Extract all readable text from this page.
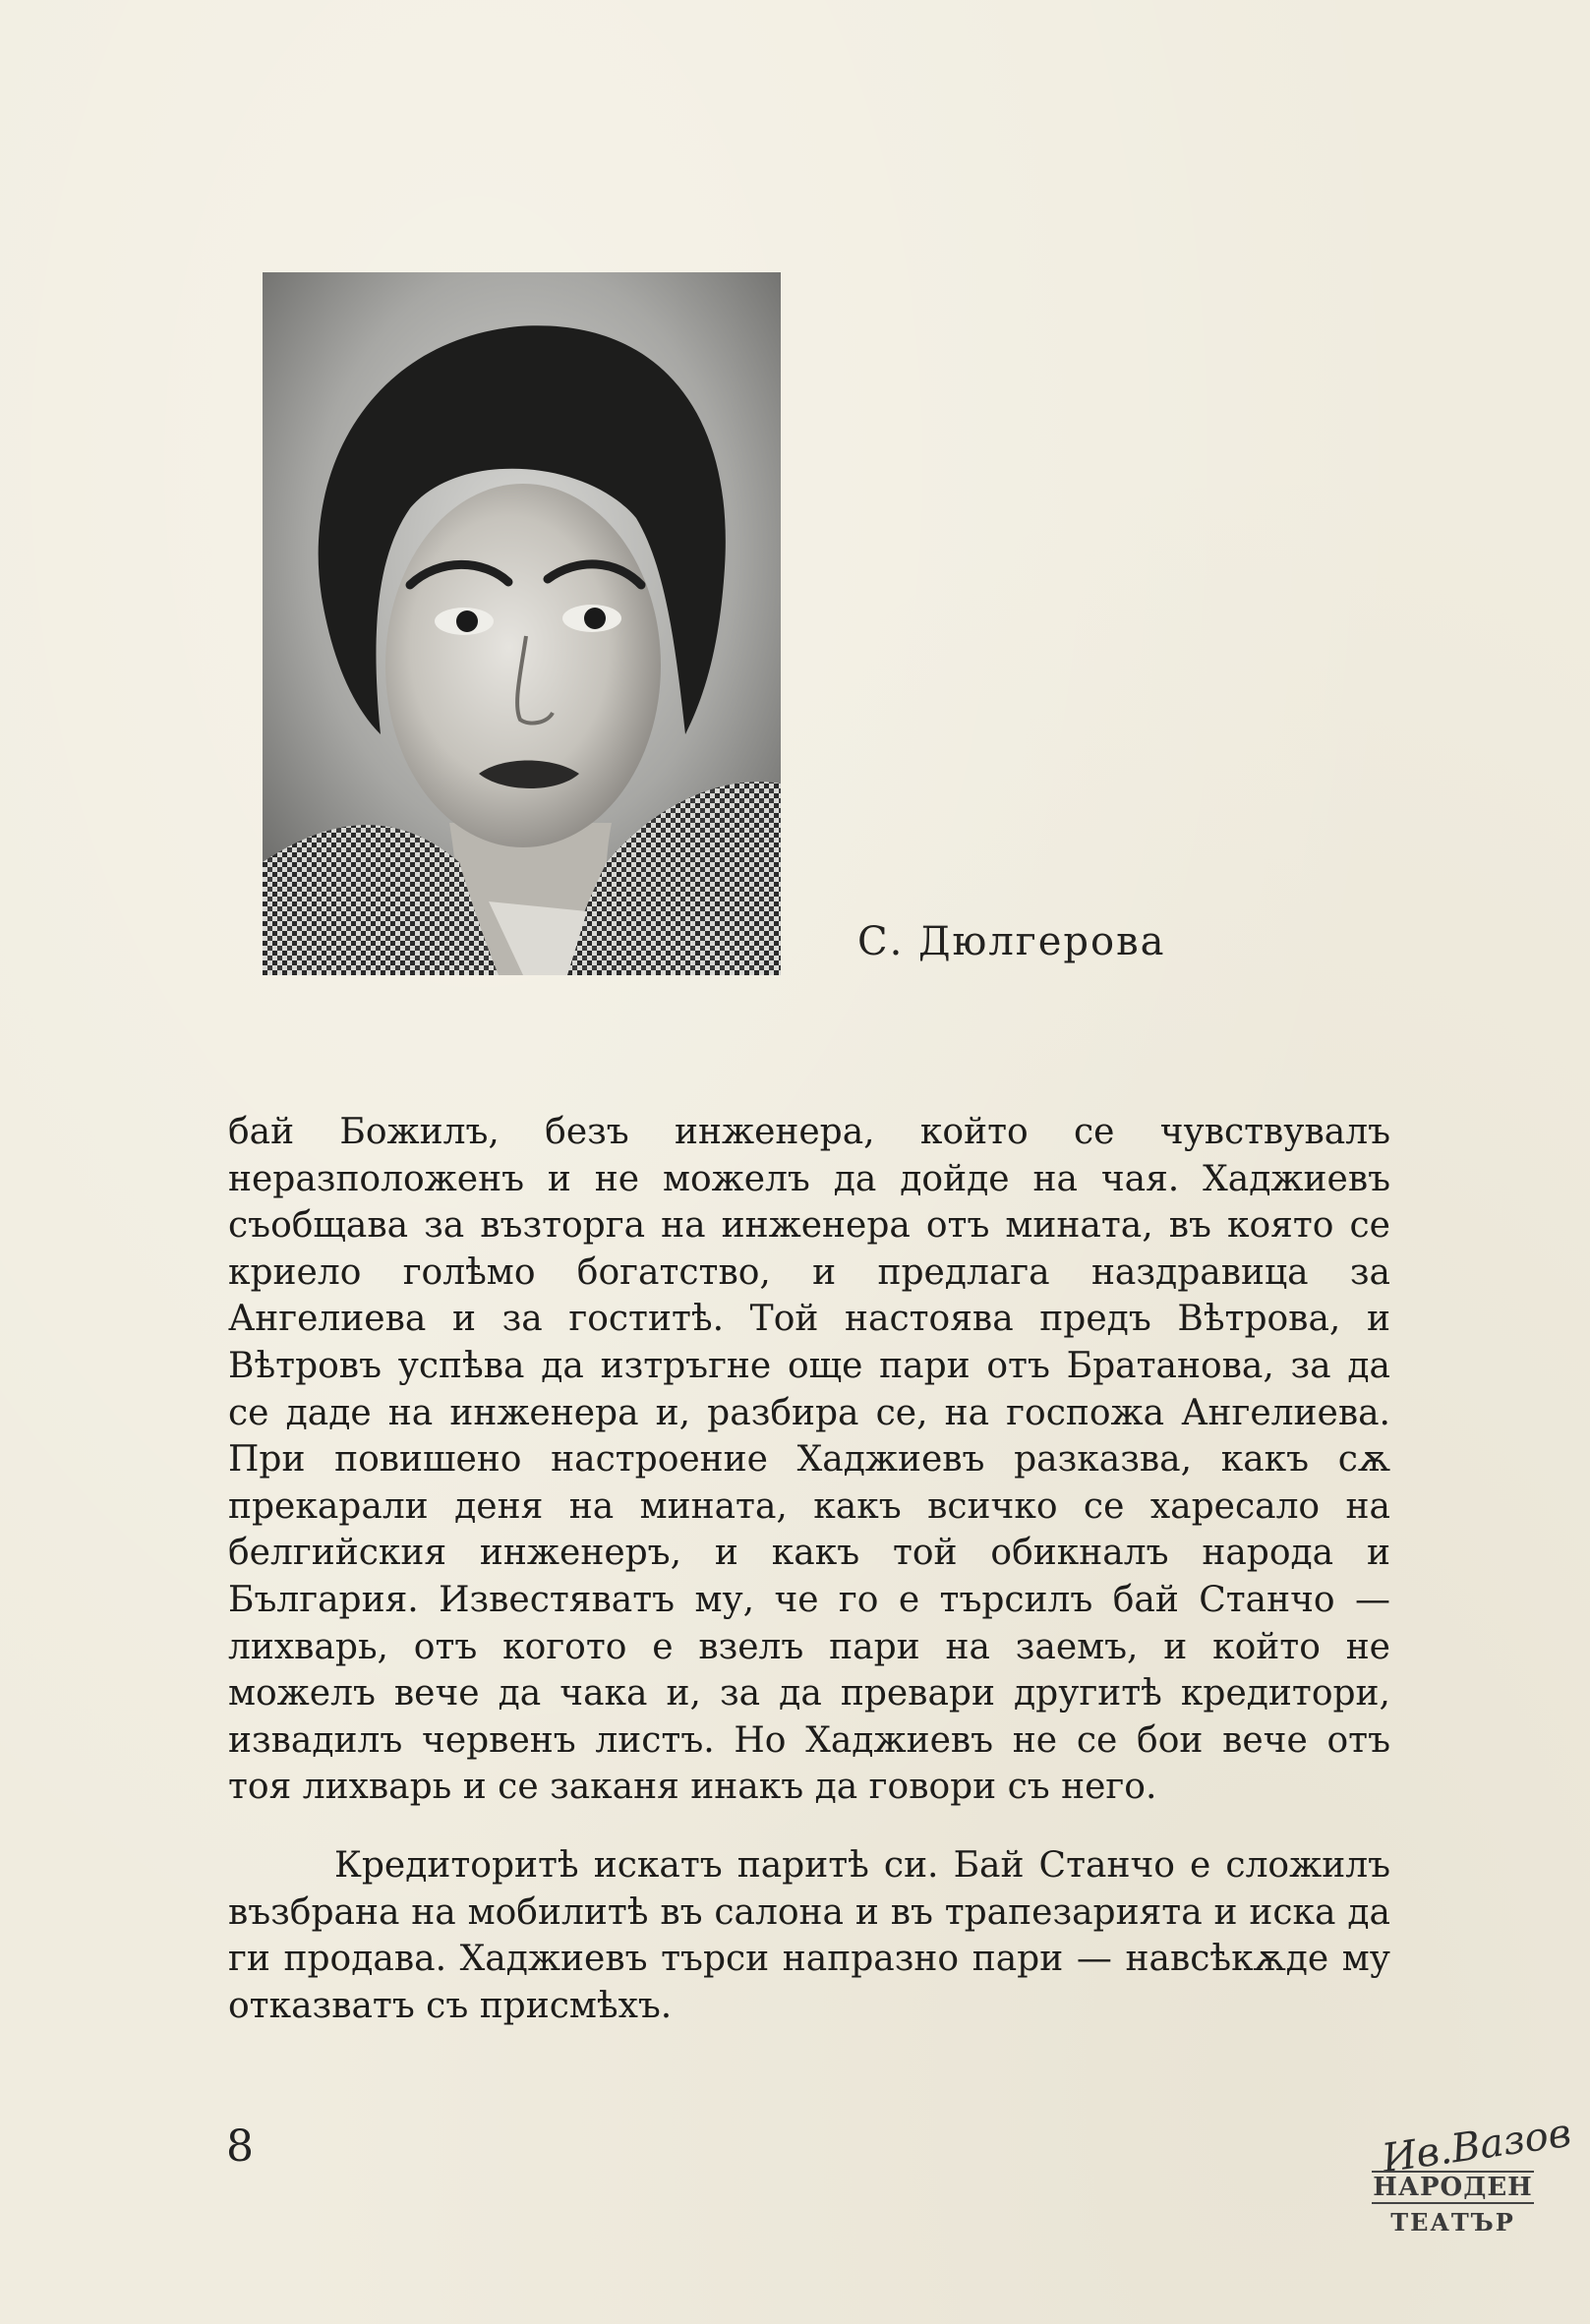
С. Дюлгерова

бай Божилъ, безъ инженера, който се чувствувалъ неразположенъ и не можелъ да дойде на чая. Хаджиевъ съобщава за възторга на инженера отъ мината, въ която се криело голѣмо богатство, и предлага наздравица за Ангелиева и за гоститѣ. Той настоява предъ Вѣтрова, и Вѣтровъ успѣва да изтръгне още пари отъ Братанова, за да се даде на инженера и, разбира се, на госпожа Ангелиева. При повишено настроение Хаджиевъ разказва, какъ сѫ прекарали деня на мината, какъ всичко се харесало на белгийския инженеръ, и какъ той обикналъ народа и България. Известяватъ му, че го е търсилъ бай Станчо — лихварь, отъ когото е взелъ пари на заемъ, и който не можелъ вече да чака и, за да превари другитѣ кредитори, извадилъ червенъ листъ. Но Хаджиевъ не се бои вече отъ тоя лихварь и се заканя инакъ да говори съ него.

Кредиторитѣ искатъ паритѣ си. Бай Станчо е сложилъ възбрана на мобилитѣ въ салона и въ трапезарията и иска да ги продава. Хаджиевъ търси напразно пари — навсѣкѫде му отказватъ съ присмѣхъ.

8	Ив.Вазов
НАРОДЕН
ТЕАТЪР
